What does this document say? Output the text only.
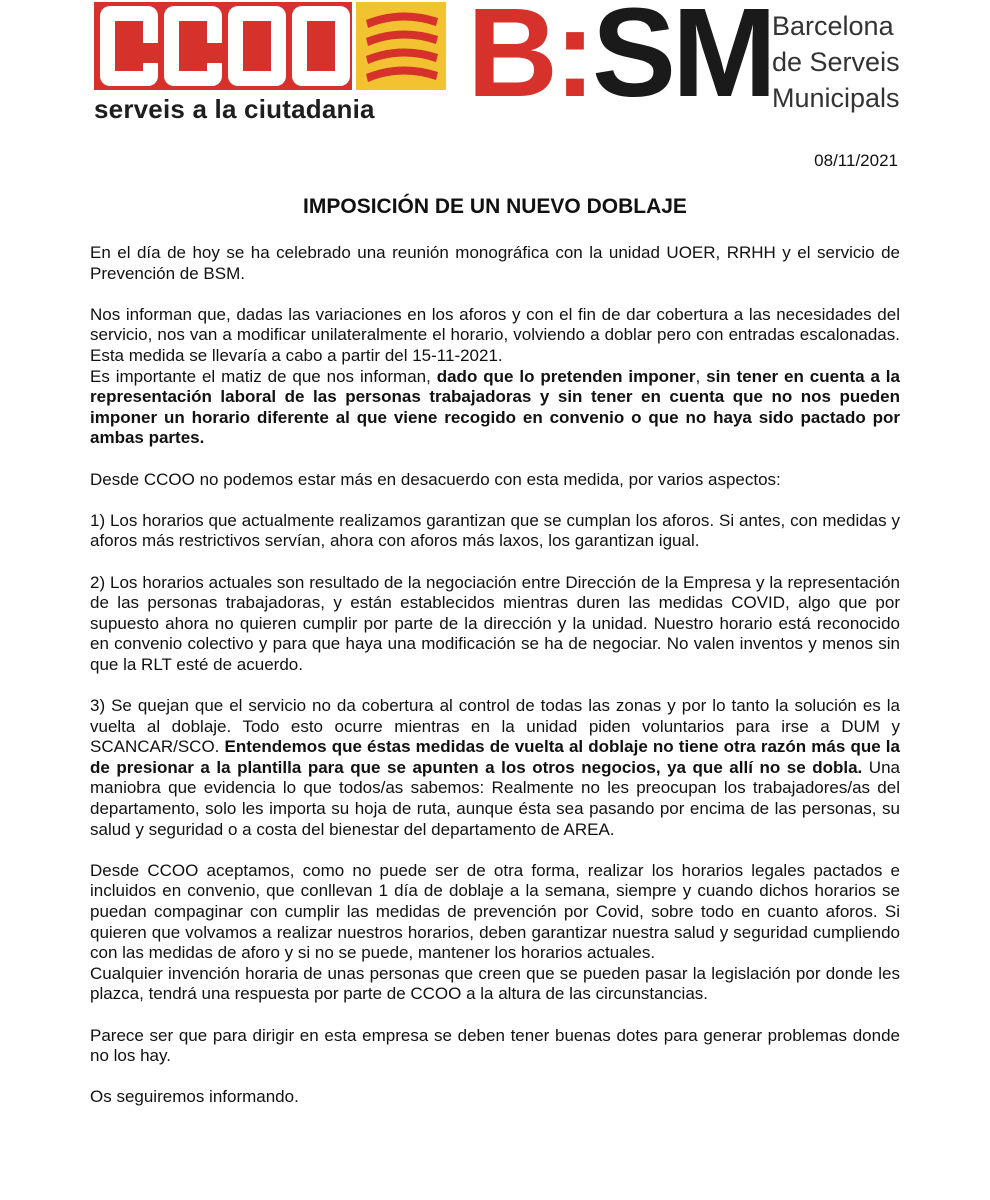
serveis a la ciutadania B:SM Barcelona
de Serveis
Municipals
08/11/2021
IMPOSICIÓN DE UN NUEVO DOBLAJE

En el día de hoy se ha celebrado una reunión monográfica con la unidad UOER, RRHH y el servicio de Prevención de BSM.

Nos informan que, dadas las variaciones en los aforos y con el fin de dar cobertura a las necesidades del servicio, nos van a modificar unilateralmente el horario, volviendo a doblar pero con entradas escalonadas. Esta medida se llevaría a cabo a partir del 15-11-2021.

Es importante el matiz de que nos informan, dado que lo pretenden imponer, sin tener en cuenta a la representación laboral de las personas trabajadoras y sin tener en cuenta que no nos pueden imponer un horario diferente al que viene recogido en convenio o que no haya sido pactado por ambas partes.

Desde CCOO no podemos estar más en desacuerdo con esta medida, por varios aspectos:

1) Los horarios que actualmente realizamos garantizan que se cumplan los aforos. Si antes, con medidas y aforos más restrictivos servían, ahora con aforos más laxos, los garantizan igual.

2) Los horarios actuales son resultado de la negociación entre Dirección de la Empresa y la representación de las personas trabajadoras, y están establecidos mientras duren las medidas COVID, algo que por supuesto ahora no quieren cumplir por parte de la dirección y la unidad. Nuestro horario está reconocido en convenio colectivo y para que haya una modificación se ha de negociar. No valen inventos y menos sin que la RLT esté de acuerdo.

3) Se quejan que el servicio no da cobertura al control de todas las zonas y por lo tanto la solución es la vuelta al doblaje. Todo esto ocurre mientras en la unidad piden voluntarios para irse a DUM y SCANCAR/SCO. Entendemos que éstas medidas de vuelta al doblaje no tiene otra razón más que la de presionar a la plantilla para que se apunten a los otros negocios, ya que allí no se dobla. Una maniobra que evidencia lo que todos/as sabemos: Realmente no les preocupan los trabajadores/as del departamento, solo les importa su hoja de ruta, aunque ésta sea pasando por encima de las personas, su salud y seguridad o a costa del bienestar del departamento de AREA.

Desde CCOO aceptamos, como no puede ser de otra forma, realizar los horarios legales pactados e incluidos en convenio, que conllevan 1 día de doblaje a la semana, siempre y cuando dichos horarios se puedan compaginar con cumplir las medidas de prevención por Covid, sobre todo en cuanto aforos. Si quieren que volvamos a realizar nuestros horarios, deben garantizar nuestra salud y seguridad cumpliendo con las medidas de aforo y si no se puede, mantener los horarios actuales.

Cualquier invención horaria de unas personas que creen que se pueden pasar la legislación por donde les plazca, tendrá una respuesta por parte de CCOO a la altura de las circunstancias.

Parece ser que para dirigir en esta empresa se deben tener buenas dotes para generar problemas donde no los hay.

Os seguiremos informando.
